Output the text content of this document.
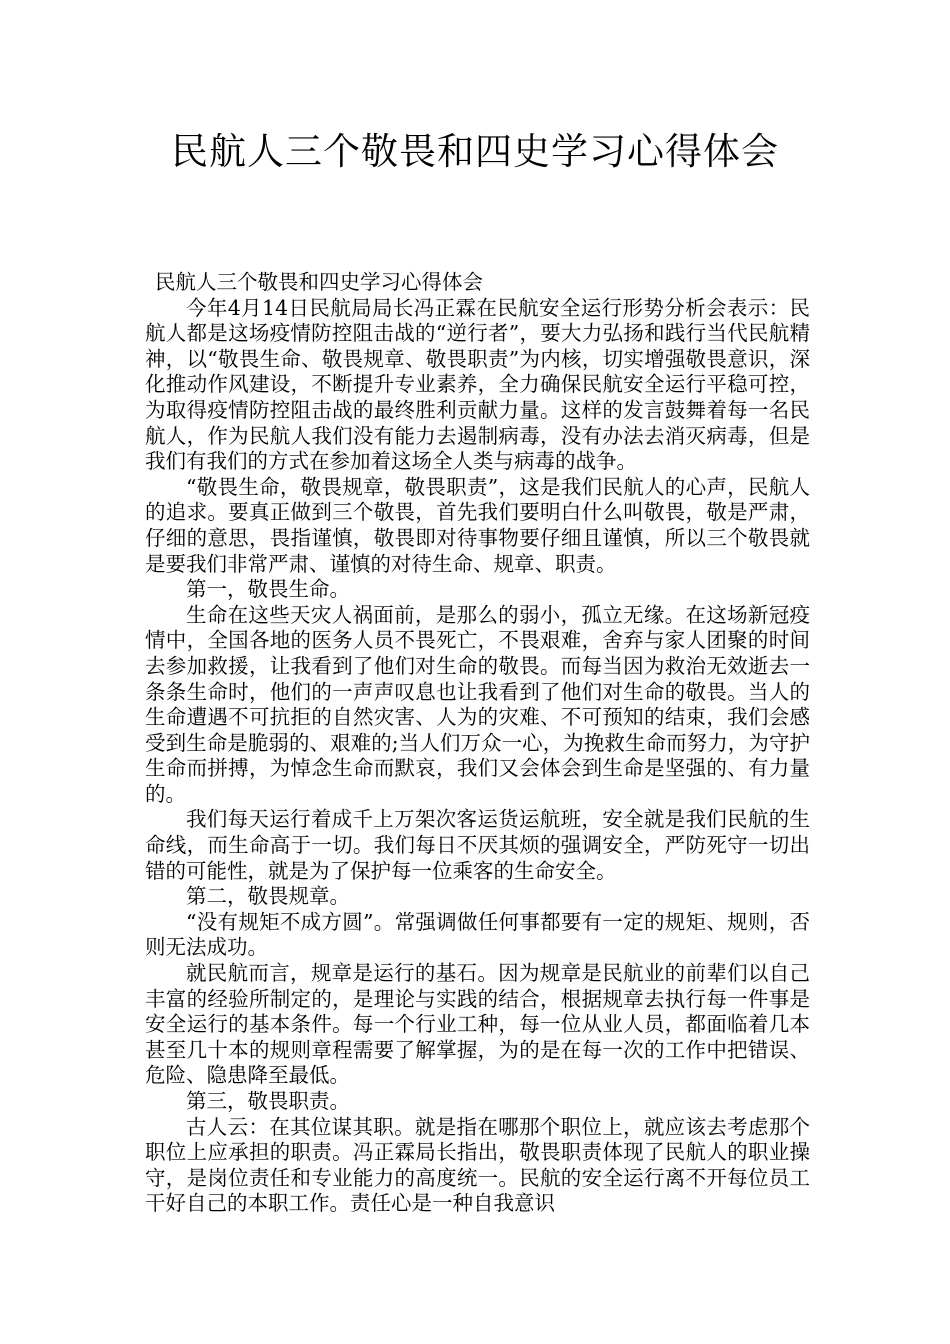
民航人三个敬畏和四史学习心得体会

民航人三个敬畏和四史学习心得体会

今年4月14日民航局局长冯正霖在民航安全运行形势分析会表示：民航人都是这场疫情防控阻击战的“逆行者”，要大力弘扬和践行当代民航精神，以“敬畏生命、敬畏规章、敬畏职责”为内核，切实增强敬畏意识，深化推动作风建设，不断提升专业素养，全力确保民航安全运行平稳可控，为取得疫情防控阻击战的最终胜利贡献力量。这样的发言鼓舞着每一名民航人，作为民航人我们没有能力去遏制病毒，没有办法去消灭病毒，但是我们有我们的方式在参加着这场全人类与病毒的战争。

“敬畏生命，敬畏规章，敬畏职责”，这是我们民航人的心声，民航人的追求。要真正做到三个敬畏，首先我们要明白什么叫敬畏，敬是严肃，仔细的意思，畏指谨慎，敬畏即对待事物要仔细且谨慎，所以三个敬畏就是要我们非常严肃、谨慎的对待生命、规章、职责。

第一，敬畏生命。

生命在这些天灾人祸面前，是那么的弱小，孤立无缘。在这场新冠疫情中，全国各地的医务人员不畏死亡，不畏艰难，舍弃与家人团聚的时间去参加救援，让我看到了他们对生命的敬畏。而每当因为救治无效逝去一条条生命时，他们的一声声叹息也让我看到了他们对生命的敬畏。当人的生命遭遇不可抗拒的自然灾害、人为的灾难、不可预知的结束，我们会感受到生命是脆弱的、艰难的;当人们万众一心，为挽救生命而努力，为守护生命而拼搏，为悼念生命而默哀，我们又会体会到生命是坚强的、有力量的。

我们每天运行着成千上万架次客运货运航班，安全就是我们民航的生命线，而生命高于一切。我们每日不厌其烦的强调安全，严防死守一切出错的可能性，就是为了保护每一位乘客的生命安全。

第二，敬畏规章。

“没有规矩不成方圆”。常强调做任何事都要有一定的规矩、规则，否则无法成功。

就民航而言，规章是运行的基石。因为规章是民航业的前辈们以自己丰富的经验所制定的，是理论与实践的结合，根据规章去执行每一件事是安全运行的基本条件。每一个行业工种，每一位从业人员，都面临着几本甚至几十本的规则章程需要了解掌握，为的是在每一次的工作中把错误、危险、隐患降至最低。

第三，敬畏职责。

古人云：在其位谋其职。就是指在哪那个职位上，就应该去考虑那个职位上应承担的职责。冯正霖局长指出，敬畏职责体现了民航人的职业操守，是岗位责任和专业能力的高度统一。民航的安全运行离不开每位员工干好自己的本职工作。责任心是一种自我意识
